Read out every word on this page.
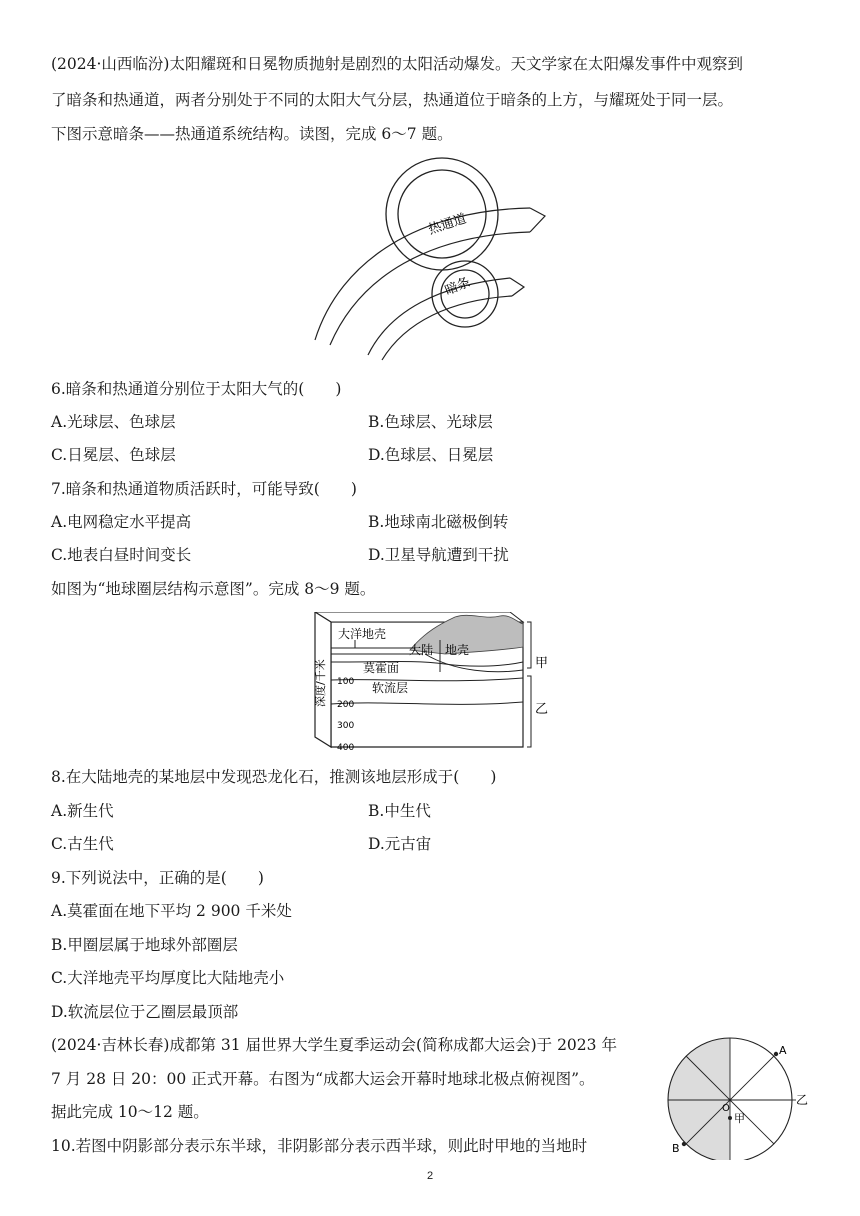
(2024·山西临汾)太阳耀斑和日冕物质抛射是剧烈的太阳活动爆发。天文学家在太阳爆发事件中观察到
了暗条和热通道，两者分别处于不同的太阳大气分层，热通道位于暗条的上方，与耀斑处于同一层。
下图示意暗条——热通道系统结构。读图，完成 6～7 题。
热通道
暗条
6.暗条和热通道分别位于太阳大气的(　　)
A.光球层、色球层	B.色球层、光球层
C.日冕层、色球层	D.色球层、日冕层
7.暗条和热通道物质活跃时，可能导致(　　)
A.电网稳定水平提高	B.地球南北磁极倒转
C.地表白昼时间变长	D.卫星导航遭到干扰
如图为“地球圈层结构示意图”。完成 8～9 题。
大洋地壳
大陆 地壳
莫霍面
软流层
深度/千米 100
200
300
400
甲
乙
8.在大陆地壳的某地层中发现恐龙化石，推测该地层形成于(　　)
A.新生代	B.中生代
C.古生代	D.元古宙
9.下列说法中，正确的是(　　)
A.莫霍面在地下平均 2 900 千米处
B.甲圈层属于地球外部圈层
C.大洋地壳平均厚度比大陆地壳小
D.软流层位于乙圈层最顶部
(2024·吉林长春)成都第 31 届世界大学生夏季运动会(简称成都大运会)于 2023 年
7 月 28 日 20：00 正式开幕。右图为“成都大运会开幕时地球北极点俯视图”。
据此完成 10～12 题。
10.若图中阴影部分表示东半球，非阴影部分表示西半球，则此时甲地的当地时
A
B
O
甲
乙
2
